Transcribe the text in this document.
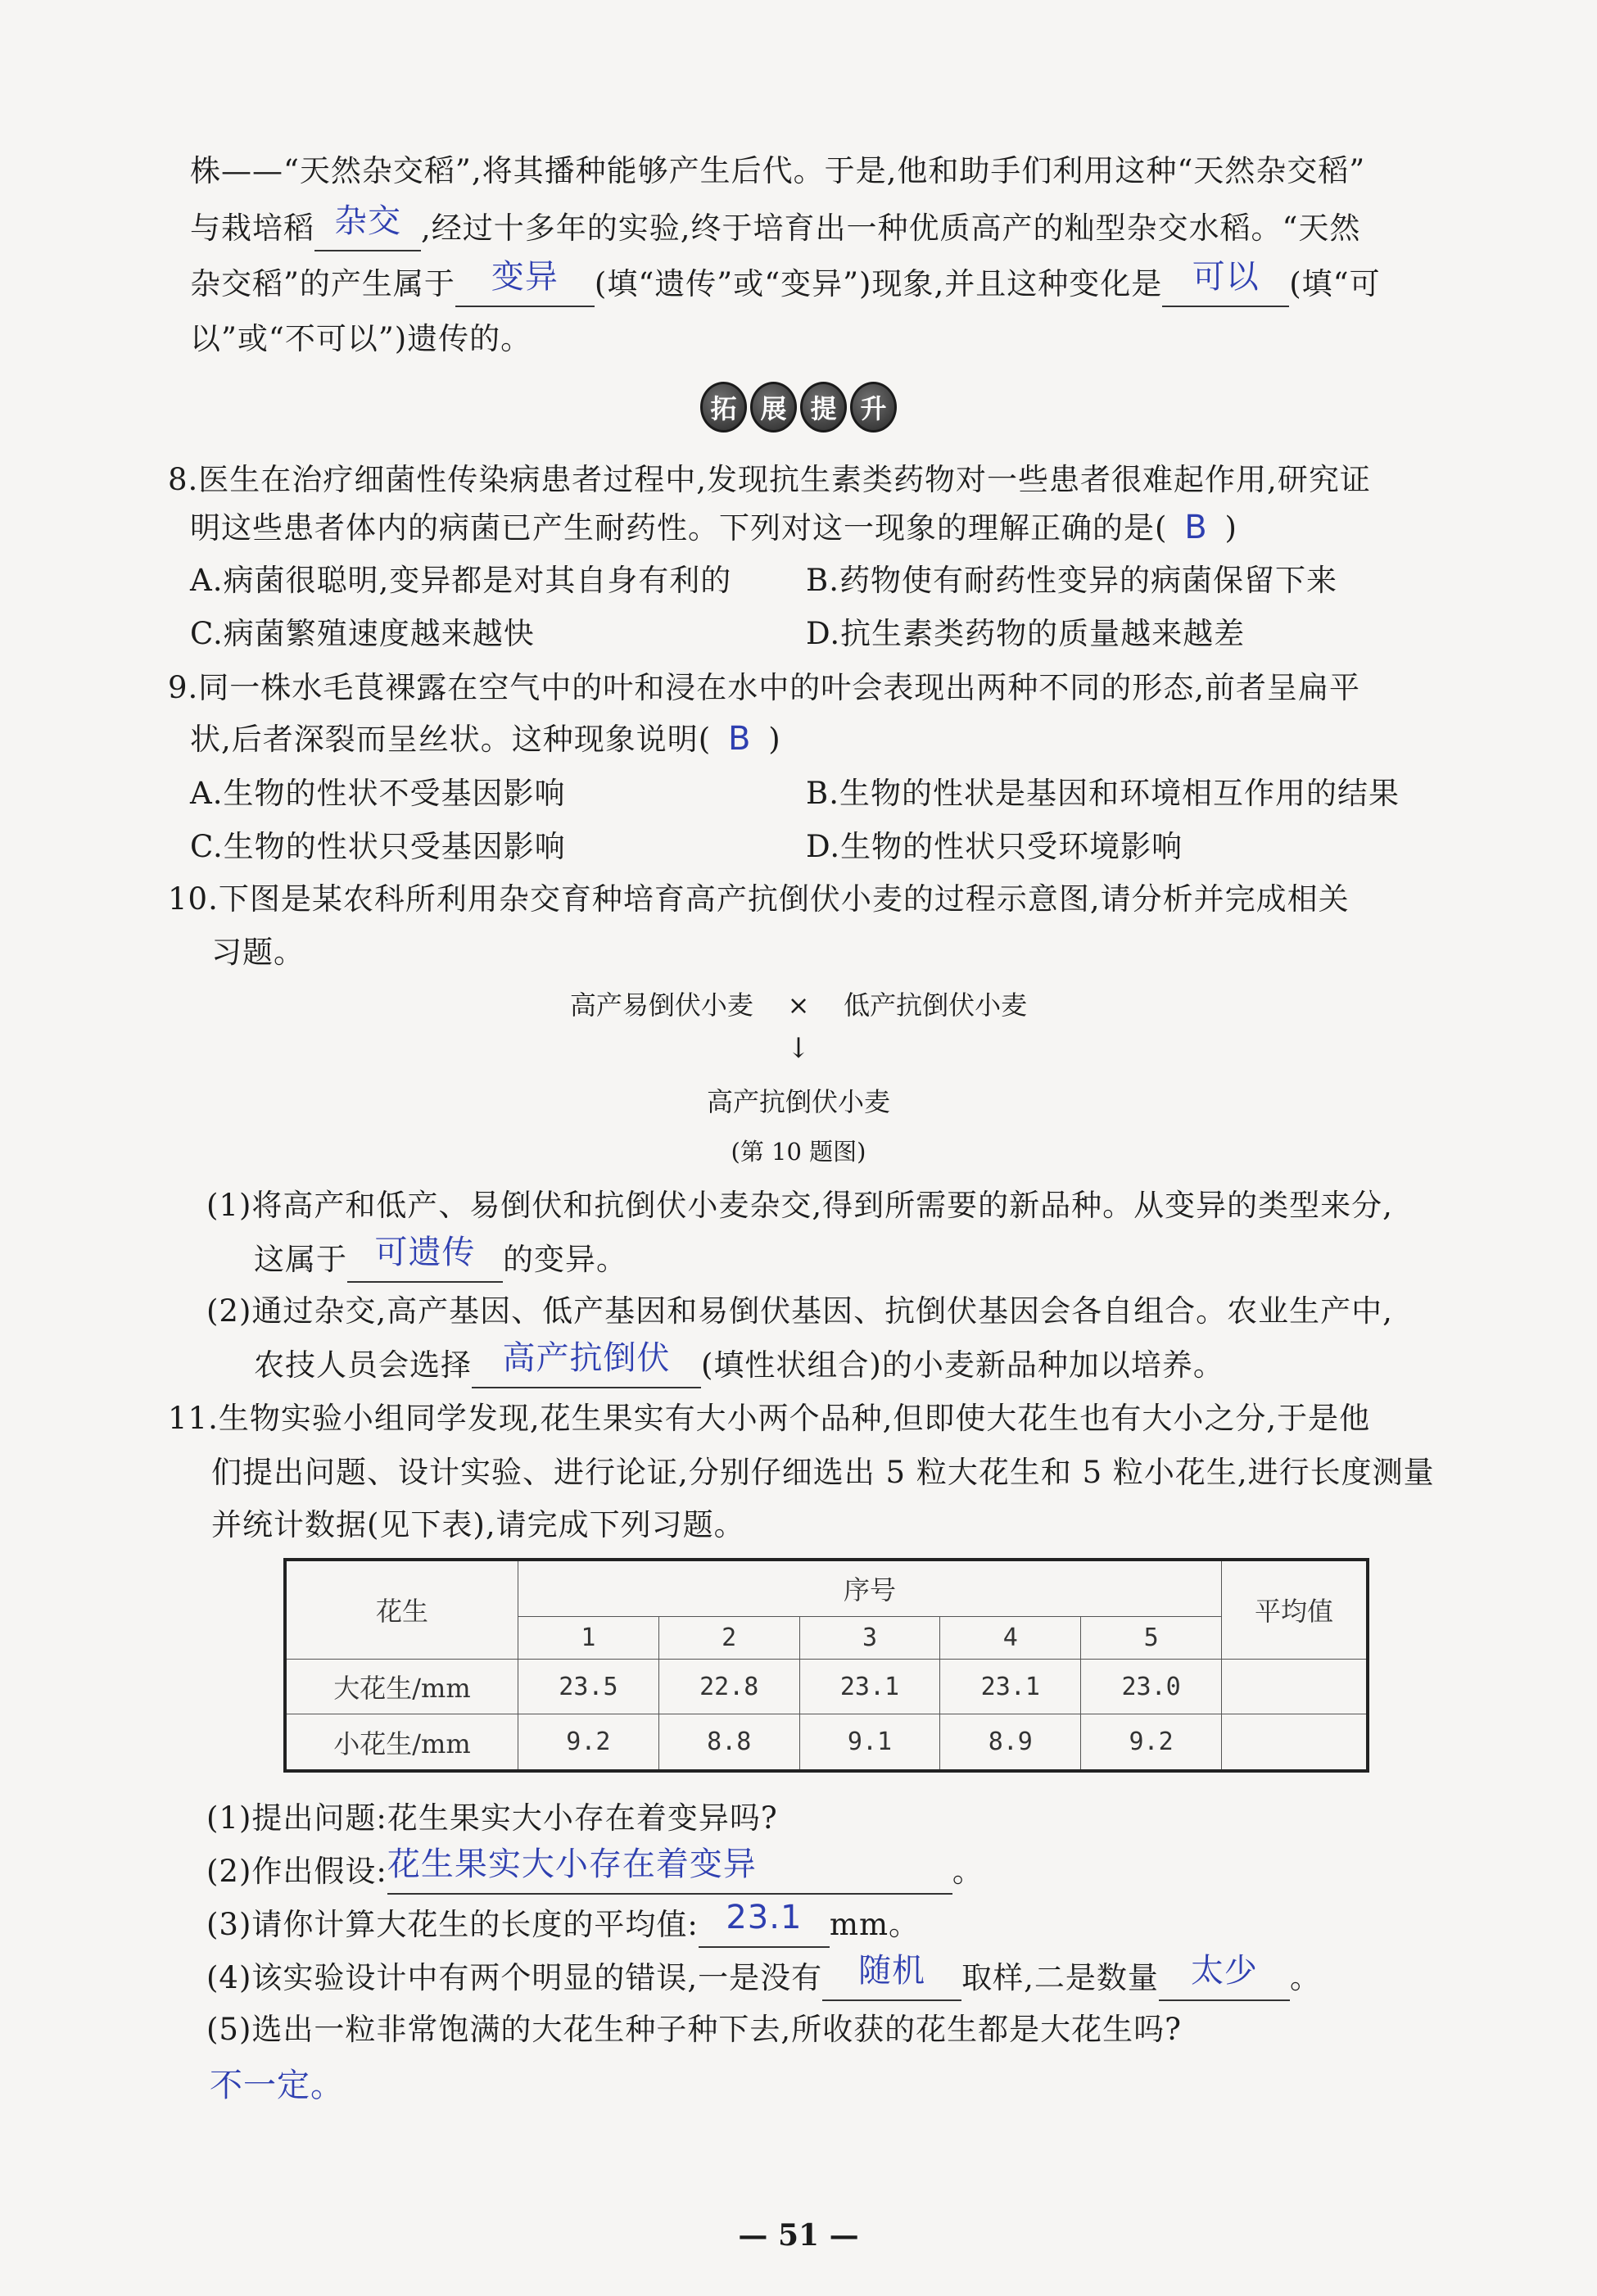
株——“天然杂交稻”,将其播种能够产生后代。于是,他和助手们利用这种“天然杂交稻”
与栽培稻 杂交 ,经过十多年的实验,终于培育出一种优质高产的籼型杂交水稻。“天然
杂交稻”的产生属于 变异 (填“遗传”或“变异”)现象,并且这种变化是 可以 (填“可
以”或“不可以”)遗传的。
拓 展 提 升
8.医生在治疗细菌性传染病患者过程中,发现抗生素类药物对一些患者很难起作用,研究证
明这些患者体内的病菌已产生耐药性。下列对这一现象的理解正确的是( B )
A.病菌很聪明,变异都是对其自身有利的 B.药物使有耐药性变异的病菌保留下来
C.病菌繁殖速度越来越快	D.抗生素类药物的质量越来越差
9.同一株水毛茛裸露在空气中的叶和浸在水中的叶会表现出两种不同的形态,前者呈扁平
状,后者深裂而呈丝状。这种现象说明( B )
A.生物的性状不受基因影响	B.生物的性状是基因和环境相互作用的结果
C.生物的性状只受基因影响	D.生物的性状只受环境影响
10.下图是某农科所利用杂交育种培育高产抗倒伏小麦的过程示意图,请分析并完成相关
习题。
高产易倒伏小麦 × 低产抗倒伏小麦
↓
高产抗倒伏小麦
(第 10 题图)
(1)将高产和低产、易倒伏和抗倒伏小麦杂交,得到所需要的新品种。从变异的类型来分,
这属于 可遗传 的变异。
(2)通过杂交,高产基因、低产基因和易倒伏基因、抗倒伏基因会各自组合。农业生产中,
农技人员会选择 高产抗倒伏 (填性状组合)的小麦新品种加以培养。
11.生物实验小组同学发现,花生果实有大小两个品种,但即使大花生也有大小之分,于是他
们提出问题、设计实验、进行论证,分别仔细选出 5 粒大花生和 5 粒小花生,进行长度测量
并统计数据(见下表),请完成下列习题。
花生	序号					平均值
	1	2	3	4	5	
大花生/mm	23.5	22.8	23.1	23.1	23.0	
小花生/mm	9.2	8.8	9.1	8.9	9.2	
(1)提出问题:花生果实大小存在着变异吗?
(2)作出假设:花生果实大小存在着变异	。
(3)请你计算大花生的长度的平均值: 23.1 mm。
(4)该实验设计中有两个明显的错误,一是没有 随机 取样,二是数量 太少 。
(5)选出一粒非常饱满的大花生种子种下去,所收获的花生都是大花生吗?
不一定。
— 51 —
